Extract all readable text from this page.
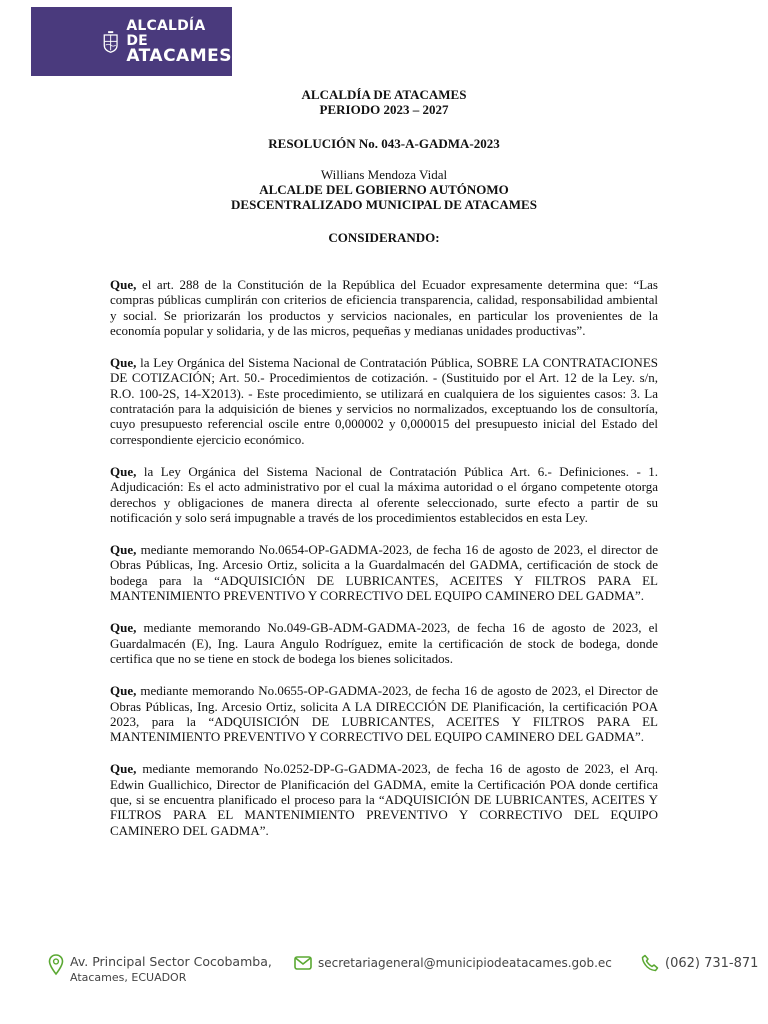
ALCALDÍA DE
ATACAMES
ALCALDÍA DE ATACAMES
PERIODO 2023 – 2027
RESOLUCIÓN No. 043-A-GADMA-2023
Willians Mendoza Vidal
ALCALDE DEL GOBIERNO AUTÓNOMO
DESCENTRALIZADO MUNICIPAL DE ATACAMES
CONSIDERANDO:

Que, el art. 288 de la Constitución de la República del Ecuador expresamente determina que: “Las compras públicas cumplirán con criterios de eficiencia transparencia, calidad, responsabilidad ambiental y social. Se priorizarán los productos y servicios nacionales, en particular los provenientes de la economía popular y solidaria, y de las micros, pequeñas y medianas unidades productivas”.

Que, la Ley Orgánica del Sistema Nacional de Contratación Pública, SOBRE LA CONTRATACIONES DE COTIZACIÓN; Art. 50.- Procedimientos de cotización. - (Sustituido por el Art. 12 de la Ley. s/n, R.O. 100-2S, 14-X2013). - Este procedimiento, se utilizará en cualquiera de los siguientes casos: 3. La contratación para la adquisición de bienes y servicios no normalizados, exceptuando los de consultoría, cuyo presupuesto referencial oscile entre 0,000002 y 0,000015 del presupuesto inicial del Estado del correspondiente ejercicio económico.

Que, la Ley Orgánica del Sistema Nacional de Contratación Pública Art. 6.- Definiciones. - 1. Adjudicación: Es el acto administrativo por el cual la máxima autoridad o el órgano competente otorga derechos y obligaciones de manera directa al oferente seleccionado, surte efecto a partir de su notificación y solo será impugnable a través de los procedimientos establecidos en esta Ley.

Que, mediante memorando No.0654-OP-GADMA-2023, de fecha 16 de agosto de 2023, el director de Obras Públicas, Ing. Arcesio Ortiz, solicita a la Guardalmacén del GADMA, certificación de stock de bodega para la “ADQUISICIÓN DE LUBRICANTES, ACEITES Y FILTROS PARA EL MANTENIMIENTO PREVENTIVO Y CORRECTIVO DEL EQUIPO CAMINERO DEL GADMA”.

Que, mediante memorando No.049-GB-ADM-GADMA-2023, de fecha 16 de agosto de 2023, el Guardalmacén (E), Ing. Laura Angulo Rodríguez, emite la certificación de stock de bodega, donde certifica que no se tiene en stock de bodega los bienes solicitados.

Que, mediante memorando No.0655-OP-GADMA-2023, de fecha 16 de agosto de 2023, el Director de Obras Públicas, Ing. Arcesio Ortiz, solicita A LA DIRECCIÓN DE Planificación, la certificación POA 2023, para la “ADQUISICIÓN DE LUBRICANTES, ACEITES Y FILTROS PARA EL MANTENIMIENTO PREVENTIVO Y CORRECTIVO DEL EQUIPO CAMINERO DEL GADMA”.

Que, mediante memorando No.0252-DP-G-GADMA-2023, de fecha 16 de agosto de 2023, el Arq. Edwin Guallichico, Director de Planificación del GADMA, emite la Certificación POA donde certifica que, si se encuentra planificado el proceso para la “ADQUISICIÓN DE LUBRICANTES, ACEITES Y FILTROS PARA EL MANTENIMIENTO PREVENTIVO Y CORRECTIVO DEL EQUIPO CAMINERO DEL GADMA”.

Av. Principal Sector Cocobamba,
Atacames, ECUADOR
secretariageneral@municipiodeatacames.gob.ec	(062) 731-871
